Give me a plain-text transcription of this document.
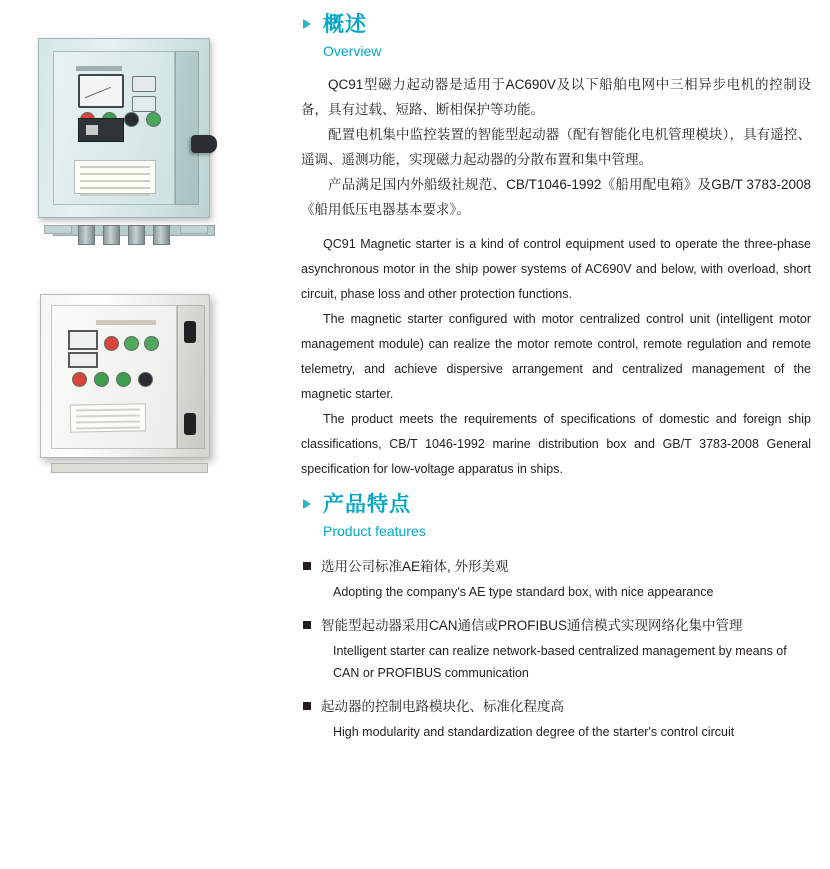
概述
Overview

QC91型磁力起动器是适用于AC690V及以下船舶电网中三相异步电机的控制设备，具有过载、短路、断相保护等功能。

配置电机集中监控装置的智能型起动器（配有智能化电机管理模块），具有遥控、遥调、遥测功能，实现磁力起动器的分散布置和集中管理。

产品满足国内外船级社规范、CB/T1046-1992《船用配电箱》及GB/T 3783-2008《船用低压电器基本要求》。

QC91 Magnetic starter is a kind of control equipment used to operate the three-phase asynchronous motor in the ship power systems of AC690V and below, with overload, short circuit, phase loss and other protection functions.

The magnetic starter configured with motor centralized control unit (intelligent motor management module) can realize the motor remote control, remote regulation and remote telemetry, and achieve dispersive arrangement and centralized management of the magnetic starter.

The product meets the requirements of specifications of domestic and foreign ship classifications, CB/T 1046-1992 marine distribution box and GB/T 3783-2008 General specification for low-voltage apparatus in ships.

产品特点
Product features
选用公司标准AE箱体, 外形美观
Adopting the company's AE type standard box, with nice appearance
智能型起动器采用CAN通信或PROFIBUS通信模式实现网络化集中管理
Intelligent starter can realize network-based centralized management by means of CAN or PROFIBUS communication
起动器的控制电路模块化、标准化程度高
High modularity and standardization degree of the starter's control circuit
